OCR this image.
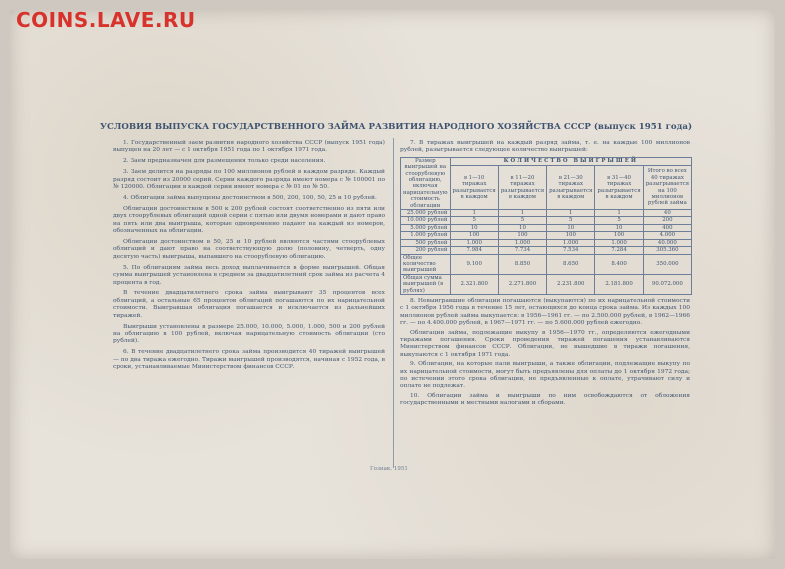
COINS.LAVE.RU
УСЛОВИЯ ВЫПУСКА ГОСУДАРСТВЕННОГО ЗАЙМА РАЗВИТИЯ НАРОДНОГО ХОЗЯЙСТВА СССР (выпуск 1951 года)

1. Государственный заем развития народного хозяйства СССР (выпуск 1951 года) выпущен на 20 лет — с 1 октября 1951 года по 1 октября 1971 года.

2. Заем предназначен для размещения только среди населения.

3. Заем делится на разряды по 100 миллионов рублей в каждом разряде. Каждый разряд состоит из 20000 серий. Серии каждого разряда имеют номера с № 100001 по № 120000. Облигации в каждой серии имеют номера с № 01 по № 50.

4. Облигации займа выпущены достоинством в 500, 200, 100, 50, 25 и 10 рублей.

Облигации достоинством в 500 к 200 рублей состоят соответственно из пяти или двух стоорублевых облигаций одной серии с пятью или двумя номерами и дают право на пять или два выигрыша, которые одновременно падают на каждый из номеров, обозначенных на облигации.

Облигации достоинством в 50, 25 и 10 рублей являются частями стоорублевых облигаций и дают право на соответствующую долю (половину, четверть, одну десятую часть) выигрыша, выпавшего на стоорублевую облигацию.

5. По облигациям займа весь доход выплачивается в форме выигрышей. Общая сумма выигрышей установлена в среднем за двадцатилетний срок займа из расчета 4 процента в год.

В течение двадцатилетнего срока займа выигрывают 35 процентов всех облигаций, а остальные 65 процентов облигаций погашаются по их нарицательной стоимости. Выигравшая облигация погашается и исключается из дальнейших тиражей.

Выигрыши установлены в размере 25.000, 10.000, 5.000, 1.000, 500 и 200 рублей на облигацию в 100 рублей, включая нарицательную стоимость облигации (сто рублей).

6. В течение двадцатилетнего срока займа производится 40 тиражей выигрышей — по два тиража ежегодно. Тиражи выигрышей производятся, начиная с 1952 года, в сроки, устанавливаемые Министерством финансов СССР.

7. В тиражах выигрышей на каждый разряд займа, т. е. на каждые 100 миллионов рублей, разыгрывается следующее количество выигрышей:

Размер выигрышей на стоорублевую облигацию, включая нарицательную стоимость облигации	КОЛИЧЕСТВО ВЫИГРЫШЕЙ				
	в 1—10 тиражах разыгрывается в каждом	в 11—20 тиражах разыгрывается в каждом	в 21—30 тиражах разыгрывается в каждом	в 31—40 тиражах разыгрывается в каждом	Итого во всех 40 тиражах разыгрывается на 100 миллионов рублей займа
25.000 рублей	1	1	1	1	40
10.000 рублей	5	5	5	5	200
5.000 рублей	10	10	10	10	400
1.000 рублей	100	100	100	100	4.000
500 рублей	1.000	1.000	1.000	1.000	40.000
200 рублей	7.984	7.734	7.534	7.284	305.360
Общее количество выигрышей	9.100	8.850	8.650	8.400	350.000
Общая сумма выигрышей (в рублях)	2.321.800	2.271.800	2.231.800	2.181.800	90.072.000

8. Невыигравшие облигации погашаются (выкупаются) по их нарицательной стоимости с 1 октября 1956 года в течение 15 лет, остающихся до конца срока займа. Из каждых 100 миллионов рублей займа выкупается: в 1956—1961 гг. — по 2.500.000 рублей, в 1962—1966 гг. — по 4.400.000 рублей, в 1967—1971 гг. — по 5.600.000 рублей ежегодно.

Облигации займа, подлежащие выкупу в 1956—1970 гг., определяются ежегодными тиражами погашения. Сроки проведения тиражей погашения устанавливаются Министерством финансов СССР. Облигации, не вышедшие в тиражи погашения, выкупаются с 1 октября 1971 года.

9. Облигации, на которые пали выигрыши, а также облигации, подлежащие выкупу по их нарицательной стоимости, могут быть предъявлены для оплаты до 1 октября 1972 года; по истечении этого срока облигации, не предъявленные к оплате, утрачивают силу и оплате не подлежат.

10. Облигации займа и выигрыши по ним освобождаются от обложения государственными и местными налогами и сборами.

Гознак. 1951
